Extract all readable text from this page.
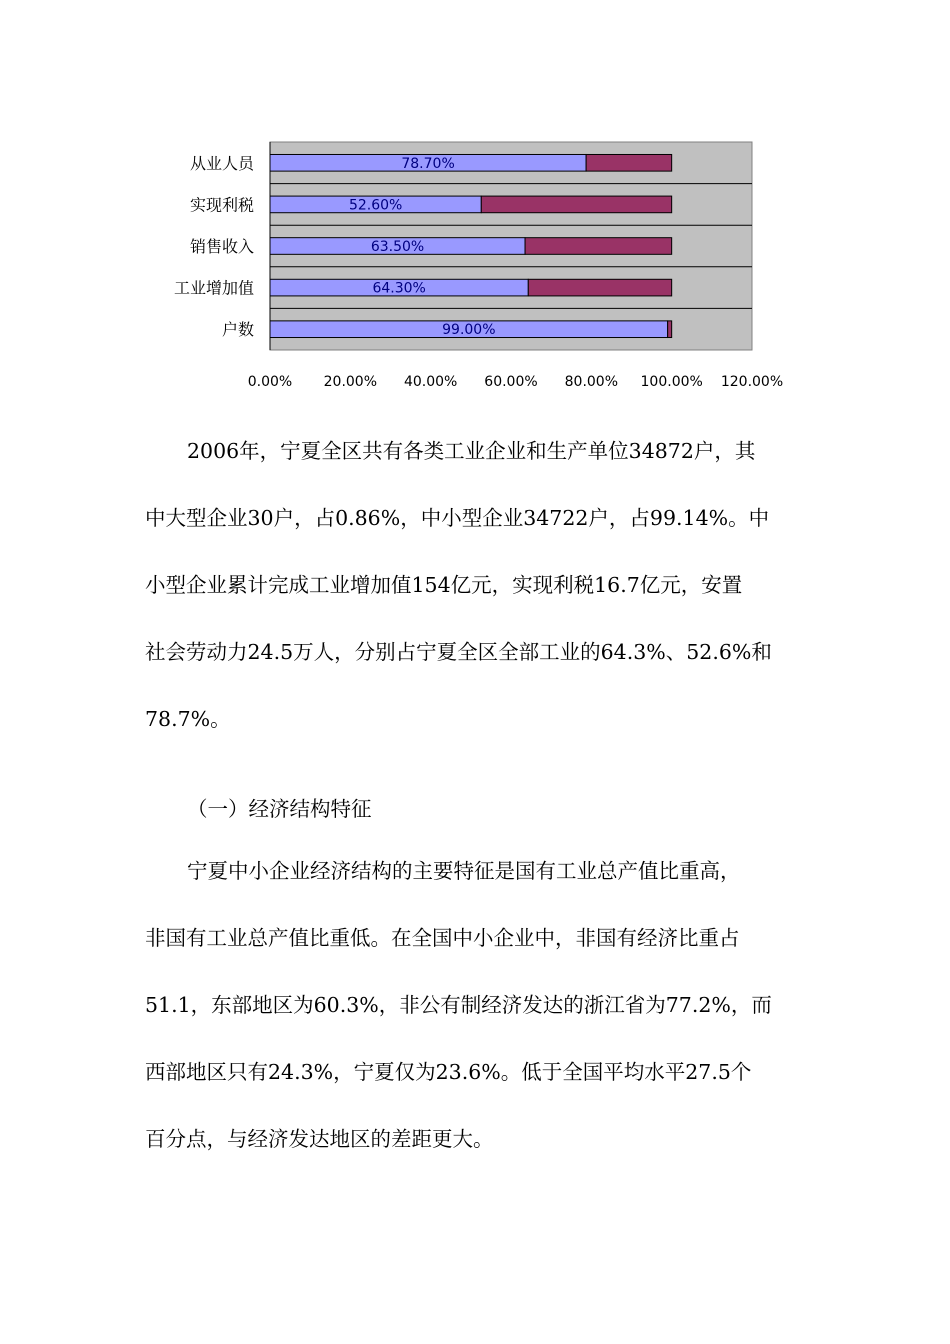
78.70%
从业人员
52.60%
实现利税
63.50%
销售收入
64.30%
工业增加值
99.00%
户数
0.00% 20.00% 40.00% 60.00% 80.00% 100.00% 120.00%
2006年，宁夏全区共有各类工业企业和生产单位34872户，其
中大型企业30户，占0.86%，中小型企业34722户，占99.14%。中
小型企业累计完成工业增加值154亿元，实现利税16.7亿元，安置
社会劳动力24.5万人，分别占宁夏全区全部工业的64.3%、52.6%和
78.7%。
（一）经济结构特征
宁夏中小企业经济结构的主要特征是国有工业总产值比重高，
非国有工业总产值比重低。在全国中小企业中，非国有经济比重占
51.1，东部地区为60.3%，非公有制经济发达的浙江省为77.2%，而
西部地区只有24.3%，宁夏仅为23.6%。低于全国平均水平27.5个
百分点，与经济发达地区的差距更大。
